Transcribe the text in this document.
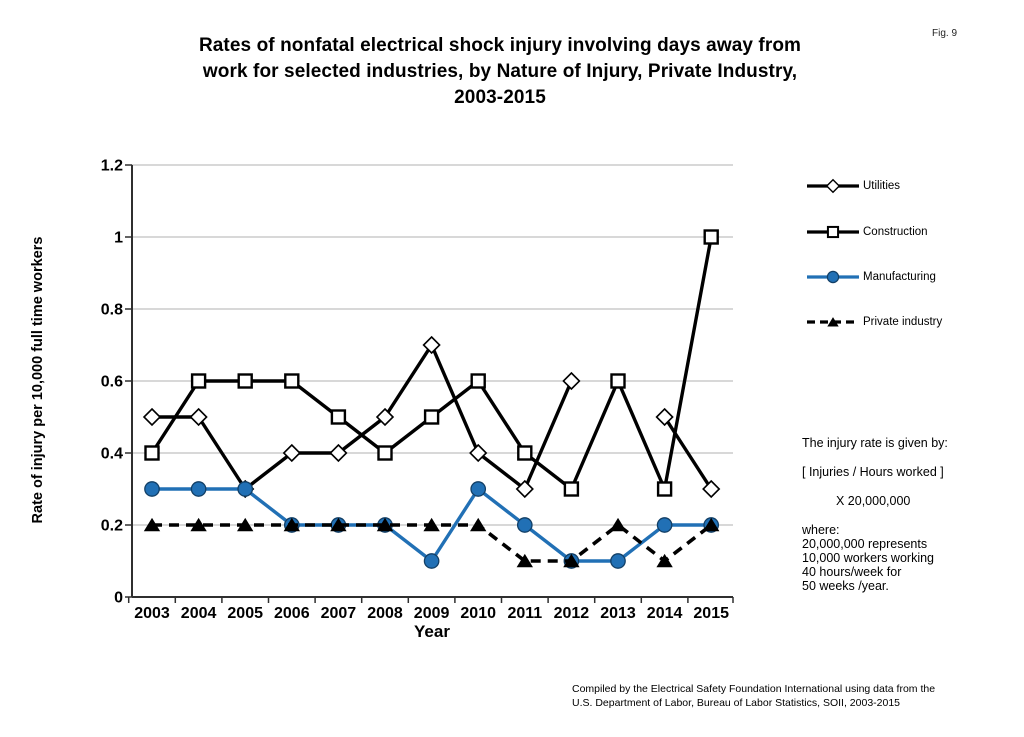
Rates of nonfatal electrical shock injury involving days away from
work for selected industries, by Nature of Injury, Private Industry,
2003-2015
Fig. 9
Rate of injury per 10,000 full time workers
0
0.2
0.4
0.6
0.8
1
1.2
2003 2004 2005 2006 2007 2008 2009 2010 2011 2012 2013 2014 2015
Year
Utilities
Construction
Manufacturing
Private industry
The injury rate is given by:
[ Injuries / Hours worked ]
X 20,000,000
where:
20,000,000 represents
10,000 workers working
40 hours/week for
50 weeks /year.
Compiled by the Electrical Safety Foundation International using data from the
U.S. Department of Labor, Bureau of Labor Statistics, SOII, 2003-2015
